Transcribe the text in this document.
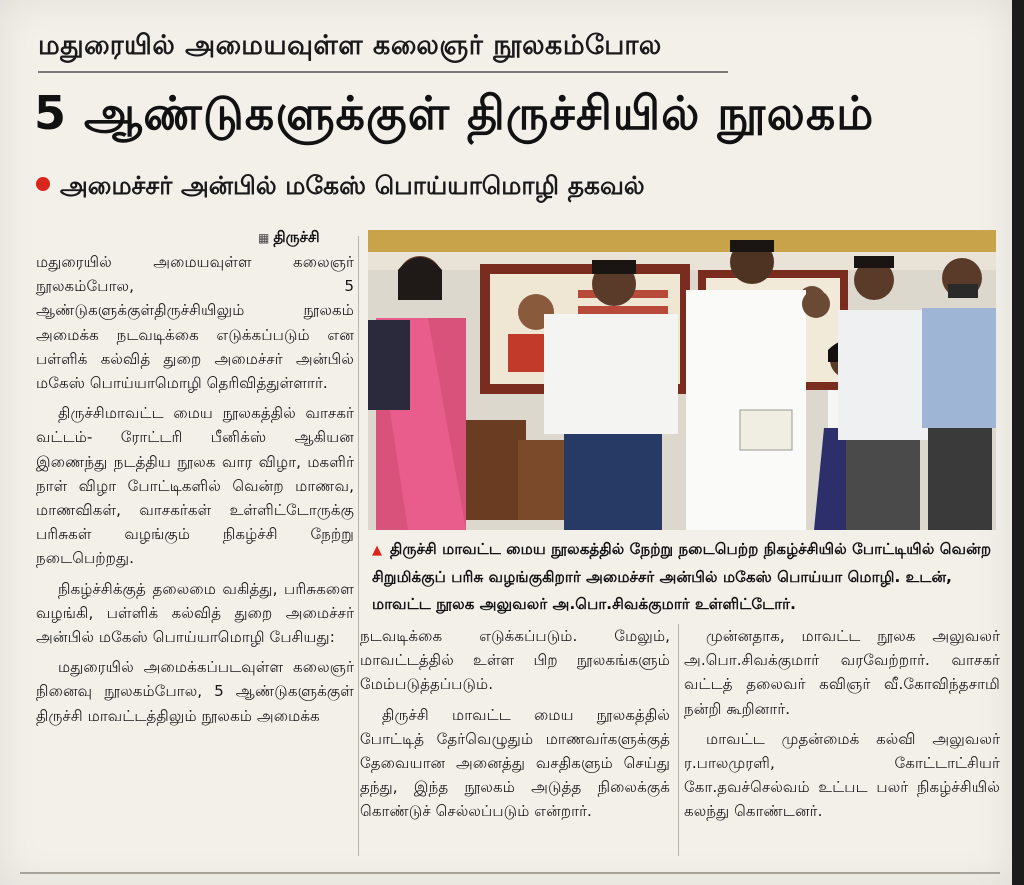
மதுரையில் அமையவுள்ள கலைஞர் நூலகம்போல
5 ஆண்டுகளுக்குள் திருச்சியில் நூலகம்
அமைச்சர் அன்பில் மகேஸ் பொய்யாமொழி தகவல்
▦ திருச்சி

மதுரையில் அமையவுள்ள கலைஞர் நூலகம்போல, 5 ஆண்டுகளுக்குள்திருச்சியிலும் நூலகம் அமைக்க நடவடிக்கை எடுக்கப்படும் என பள்ளிக் கல்வித் துறை அமைச்சர் அன்பில் மகேஸ் பொய்யாமொழி தெரிவித்துள்ளார்.

திருச்சிமாவட்ட மைய நூலகத்தில் வாசகர் வட்டம்- ரோட்டரி பீனிக்ஸ் ஆகியன இணைந்து நடத்திய நூலக வார விழா, மகளிர் நாள் விழா போட்டிகளில் வென்ற மாணவ, மாணவிகள், வாசகர்கள் உள்ளிட்டோருக்கு பரிசுகள் வழங்கும் நிகழ்ச்சி நேற்று நடைபெற்றது.

நிகழ்ச்சிக்குத் தலைமை வகித்து, பரிசுகளை வழங்கி, பள்ளிக் கல்வித் துறை அமைச்சர் அன்பில் மகேஸ் பொய்யாமொழி பேசியது:

மதுரையில் அமைக்கப்படவுள்ள கலைஞர் நினைவு நூலகம்போல, 5 ஆண்டுகளுக்குள் திருச்சி மாவட்டத்திலும் நூலகம் அமைக்க

▲ திருச்சி மாவட்ட மைய நூலகத்தில் நேற்று நடைபெற்ற நிகழ்ச்சியில் போட்டியில் வென்ற சிறுமிக்குப் பரிசு வழங்குகிறார் அமைச்சர் அன்பில் மகேஸ் பொய்யா மொழி. உடன், மாவட்ட நூலக அலுவலர் அ.பொ.சிவக்குமார் உள்ளிட்டோர்.

நடவடிக்கை எடுக்கப்படும். மேலும், மாவட்டத்தில் உள்ள பிற நூலகங்களும் மேம்படுத்தப்படும்.

திருச்சி மாவட்ட மைய நூலகத்தில் போட்டித் தேர்வெழுதும் மாணவர்களுக்குத் தேவையான அனைத்து வசதிகளும் செய்து தந்து, இந்த நூலகம் அடுத்த நிலைக்குக் கொண்டுச் செல்லப்படும் என்றார்.

முன்னதாக, மாவட்ட நூலக அலுவலர் அ.பொ.சிவக்குமார் வரவேற்றார். வாசகர் வட்டத் தலைவர் கவிஞர் வீ.கோவிந்தசாமி நன்றி கூறினார்.

மாவட்ட முதன்மைக் கல்வி அலுவலர் ர.பாலமுரளி, கோட்டாட்சியர் கோ.தவச்செல்வம் உட்பட பலர் நிகழ்ச்சியில் கலந்து கொண்டனர்.
